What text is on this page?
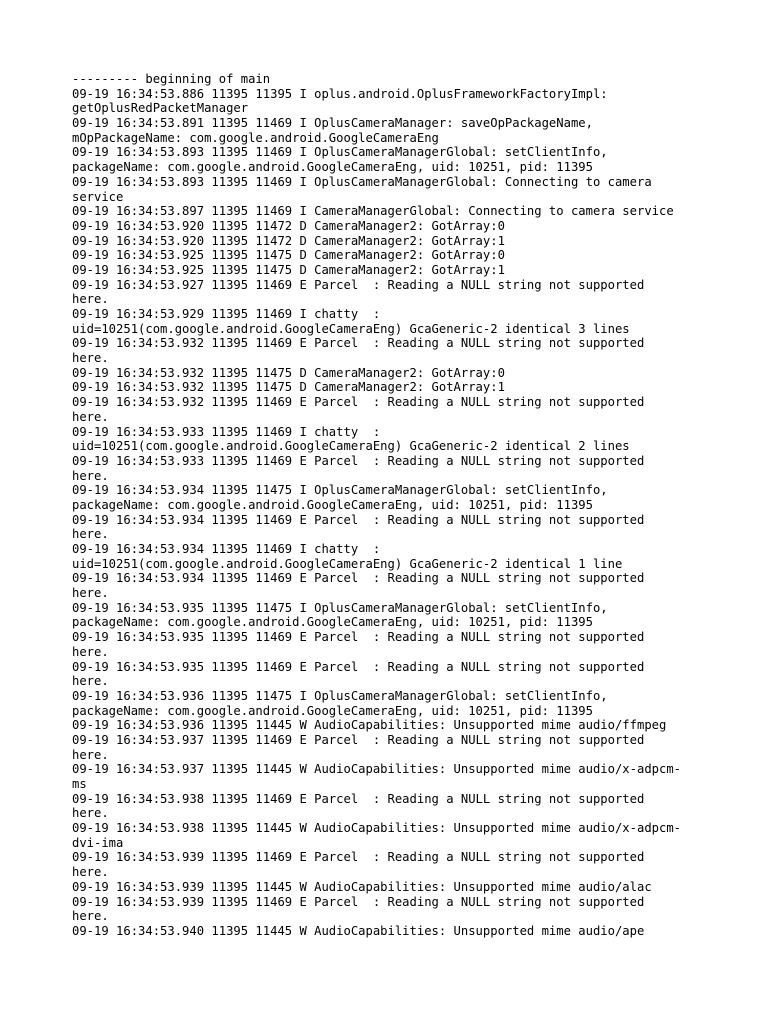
--------- beginning of main
09-19 16:34:53.886 11395 11395 I oplus.android.OplusFrameworkFactoryImpl:
getOplusRedPacketManager
09-19 16:34:53.891 11395 11469 I OplusCameraManager: saveOpPackageName,
mOpPackageName: com.google.android.GoogleCameraEng
09-19 16:34:53.893 11395 11469 I OplusCameraManagerGlobal: setClientInfo,
packageName: com.google.android.GoogleCameraEng, uid: 10251, pid: 11395
09-19 16:34:53.893 11395 11469 I OplusCameraManagerGlobal: Connecting to camera
service
09-19 16:34:53.897 11395 11469 I CameraManagerGlobal: Connecting to camera service
09-19 16:34:53.920 11395 11472 D CameraManager2: GotArray:0
09-19 16:34:53.920 11395 11472 D CameraManager2: GotArray:1
09-19 16:34:53.925 11395 11475 D CameraManager2: GotArray:0
09-19 16:34:53.925 11395 11475 D CameraManager2: GotArray:1
09-19 16:34:53.927 11395 11469 E Parcel  : Reading a NULL string not supported
here.
09-19 16:34:53.929 11395 11469 I chatty  :
uid=10251(com.google.android.GoogleCameraEng) GcaGeneric-2 identical 3 lines
09-19 16:34:53.932 11395 11469 E Parcel  : Reading a NULL string not supported
here.
09-19 16:34:53.932 11395 11475 D CameraManager2: GotArray:0
09-19 16:34:53.932 11395 11475 D CameraManager2: GotArray:1
09-19 16:34:53.932 11395 11469 E Parcel  : Reading a NULL string not supported
here.
09-19 16:34:53.933 11395 11469 I chatty  :
uid=10251(com.google.android.GoogleCameraEng) GcaGeneric-2 identical 2 lines
09-19 16:34:53.933 11395 11469 E Parcel  : Reading a NULL string not supported
here.
09-19 16:34:53.934 11395 11475 I OplusCameraManagerGlobal: setClientInfo,
packageName: com.google.android.GoogleCameraEng, uid: 10251, pid: 11395
09-19 16:34:53.934 11395 11469 E Parcel  : Reading a NULL string not supported
here.
09-19 16:34:53.934 11395 11469 I chatty  :
uid=10251(com.google.android.GoogleCameraEng) GcaGeneric-2 identical 1 line
09-19 16:34:53.934 11395 11469 E Parcel  : Reading a NULL string not supported
here.
09-19 16:34:53.935 11395 11475 I OplusCameraManagerGlobal: setClientInfo,
packageName: com.google.android.GoogleCameraEng, uid: 10251, pid: 11395
09-19 16:34:53.935 11395 11469 E Parcel  : Reading a NULL string not supported
here.
09-19 16:34:53.935 11395 11469 E Parcel  : Reading a NULL string not supported
here.
09-19 16:34:53.936 11395 11475 I OplusCameraManagerGlobal: setClientInfo,
packageName: com.google.android.GoogleCameraEng, uid: 10251, pid: 11395
09-19 16:34:53.936 11395 11445 W AudioCapabilities: Unsupported mime audio/ffmpeg
09-19 16:34:53.937 11395 11469 E Parcel  : Reading a NULL string not supported
here.
09-19 16:34:53.937 11395 11445 W AudioCapabilities: Unsupported mime audio/x-adpcm-
ms
09-19 16:34:53.938 11395 11469 E Parcel  : Reading a NULL string not supported
here.
09-19 16:34:53.938 11395 11445 W AudioCapabilities: Unsupported mime audio/x-adpcm-
dvi-ima
09-19 16:34:53.939 11395 11469 E Parcel  : Reading a NULL string not supported
here.
09-19 16:34:53.939 11395 11445 W AudioCapabilities: Unsupported mime audio/alac
09-19 16:34:53.939 11395 11469 E Parcel  : Reading a NULL string not supported
here.
09-19 16:34:53.940 11395 11445 W AudioCapabilities: Unsupported mime audio/ape
